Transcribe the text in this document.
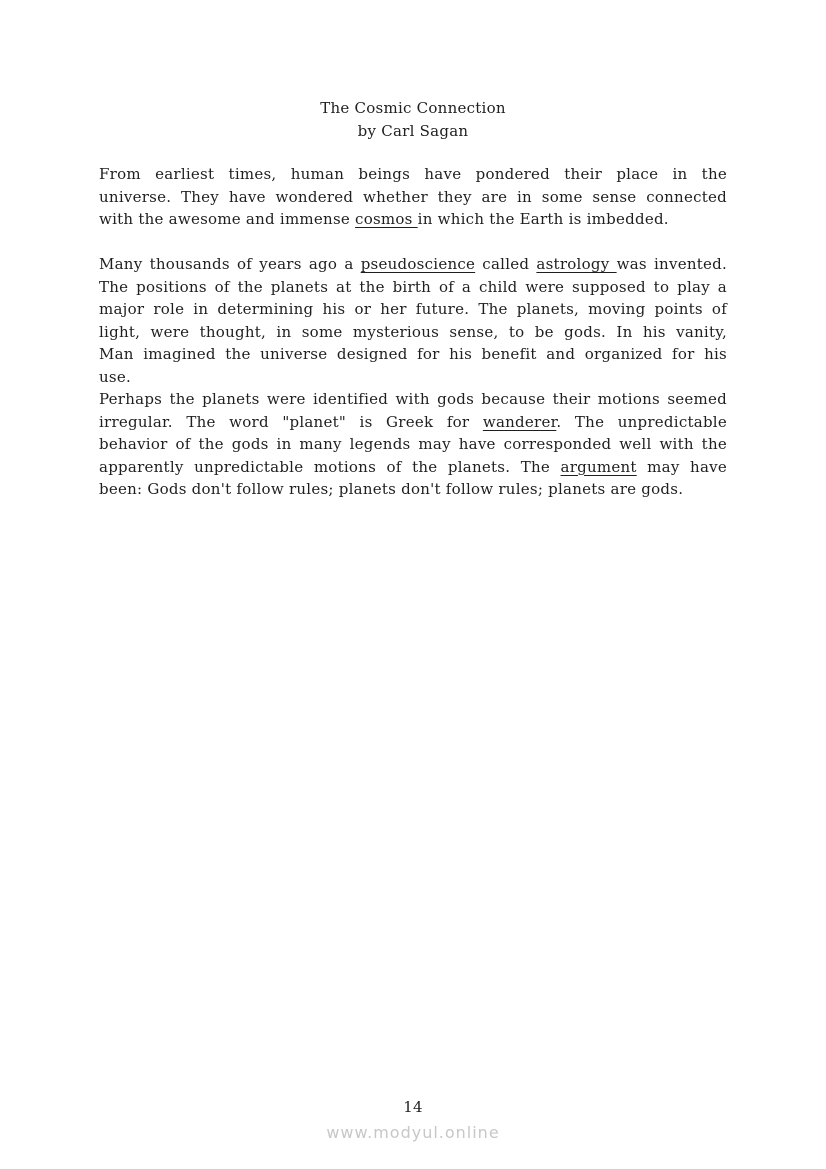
The Cosmic Connection
by Carl Sagan
From earliest times, human beings have pondered their place in the
universe. They have wondered whether they are in some sense connected
with the awesome and immense cosmos in which the Earth is imbedded.
Many thousands of years ago a pseudoscience called astrology was invented.
The positions of the planets at the birth of a child were supposed to play a
major role in determining his or her future. The planets, moving points of
light, were thought, in some mysterious sense, to be gods. In his vanity,
Man imagined the universe designed for his benefit and organized for his
use.
Perhaps the planets were identified with gods because their motions seemed
irregular. The word "planet" is Greek for wanderer. The unpredictable
behavior of the gods in many legends may have corresponded well with the
apparently unpredictable motions of the planets. The argument may have
been: Gods don't follow rules; planets don't follow rules; planets are gods.
14
www.modyul.online
